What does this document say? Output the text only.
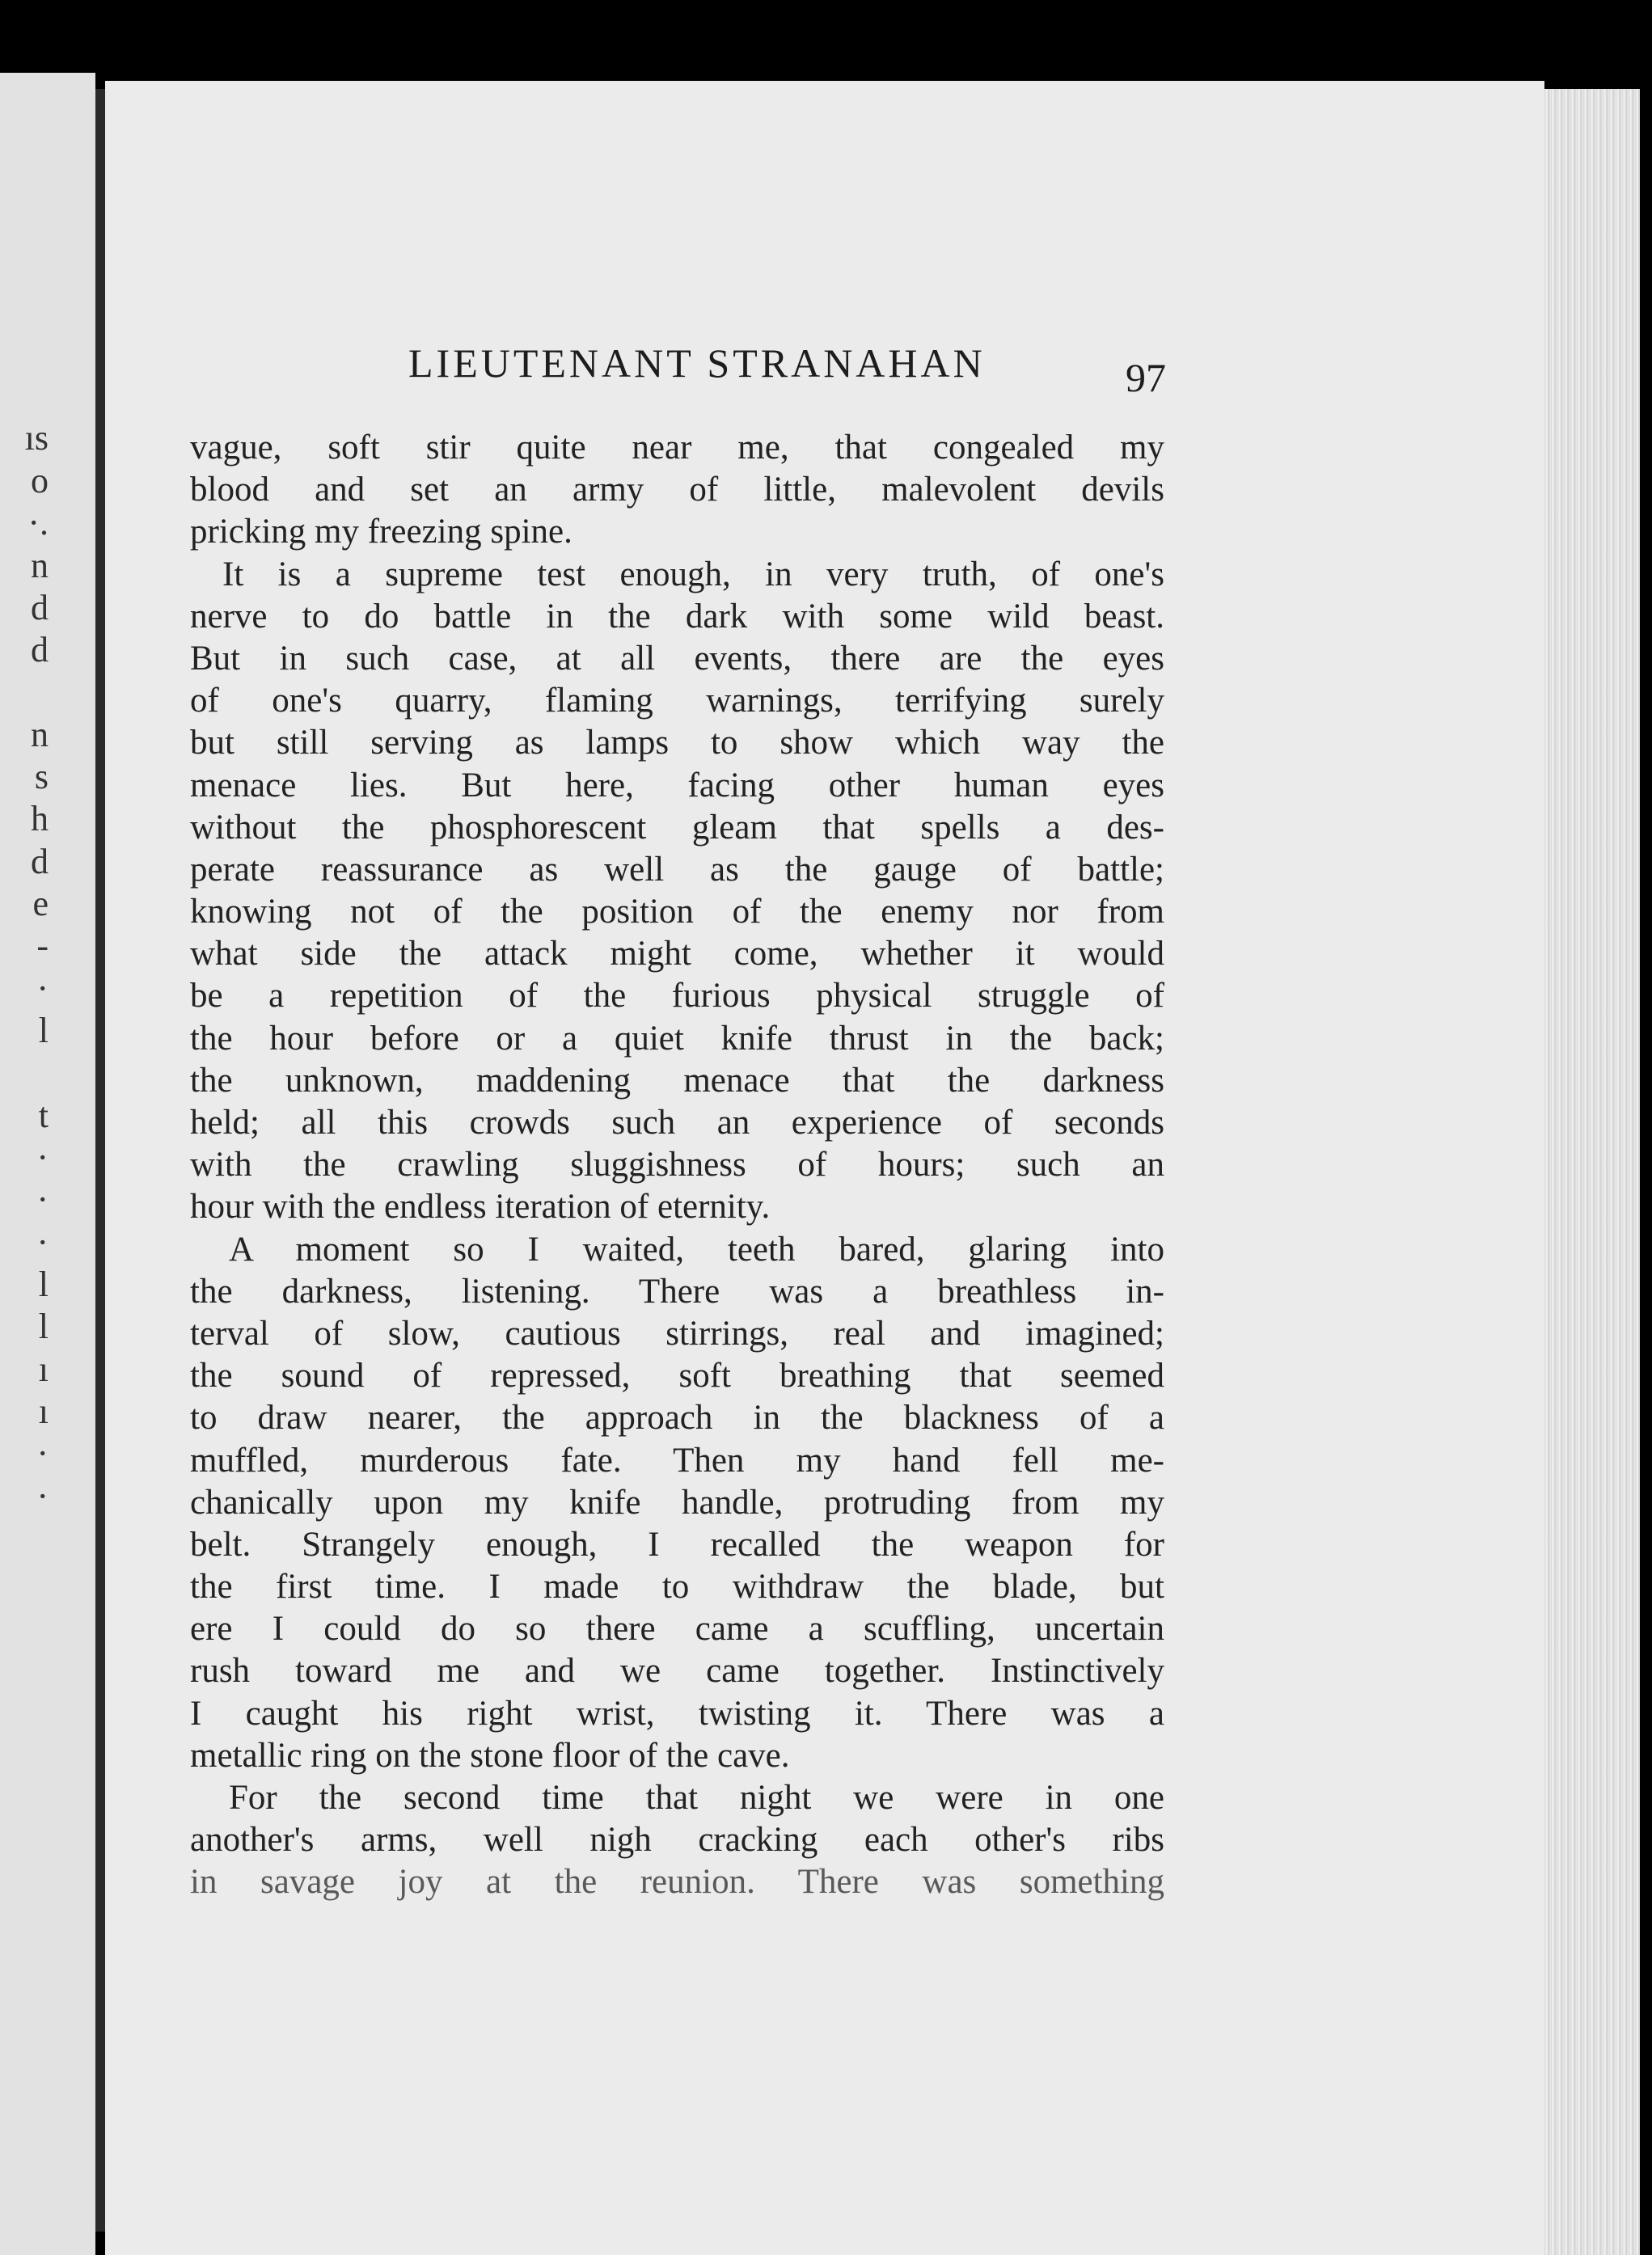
ıs
o
·.
n
d
d
n
s
h
d
e
-
·
l
t
·
·
·
l
l
ı
ı
·
·
LIEUTENANT STRANAHAN	97
vague, soft stir quite near me, that congealed my
blood and set an army of little, malevolent devils
pricking my freezing spine.
It is a supreme test enough, in very truth, of one's
nerve to do battle in the dark with some wild beast.
But in such case, at all events, there are the eyes
of one's quarry, flaming warnings, terrifying surely
but still serving as lamps to show which way the
menace lies. But here, facing other human eyes
without the phosphorescent gleam that spells a des-
perate reassurance as well as the gauge of battle;
knowing not of the position of the enemy nor from
what side the attack might come, whether it would
be a repetition of the furious physical struggle of
the hour before or a quiet knife thrust in the back;
the unknown, maddening menace that the darkness
held; all this crowds such an experience of seconds
with the crawling sluggishness of hours; such an
hour with the endless iteration of eternity.
A moment so I waited, teeth bared, glaring into
the darkness, listening. There was a breathless in-
terval of slow, cautious stirrings, real and imagined;
the sound of repressed, soft breathing that seemed
to draw nearer, the approach in the blackness of a
muffled, murderous fate. Then my hand fell me-
chanically upon my knife handle, protruding from my
belt. Strangely enough, I recalled the weapon for
the first time. I made to withdraw the blade, but
ere I could do so there came a scuffling, uncertain
rush toward me and we came together. Instinctively
I caught his right wrist, twisting it. There was a
metallic ring on the stone floor of the cave.
For the second time that night we were in one
another's arms, well nigh cracking each other's ribs
in savage joy at the reunion. There was something
